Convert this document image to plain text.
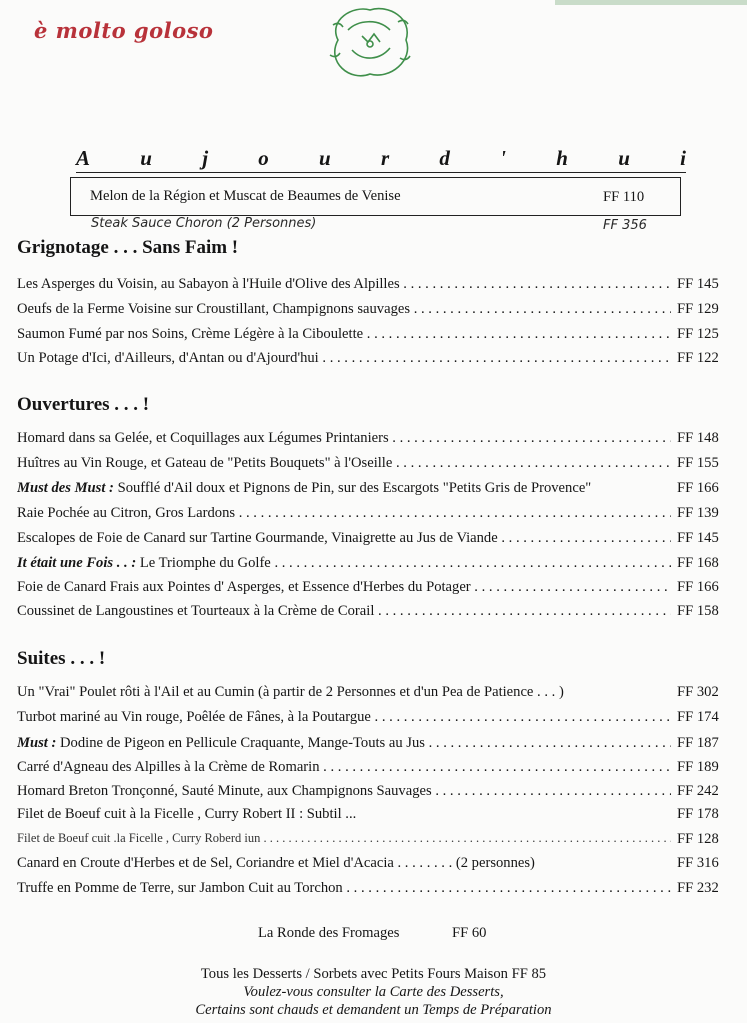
è molto goloso
A u j o u r d ' h u i
Melon de la Région et Muscat de Beaumes de Venise	FF 110
Steak Sauce Choron (2 Personnes)	FF 356
Grignotage . . . Sans Faim !
Les Asperges du Voisin, au Sabayon à l'Huile d'Olive des Alpilles . . .	FF 145
Oeufs de la Ferme Voisine sur Croustillant, Champignons sauvages . . .	FF 129
Saumon Fumé par nos Soins, Crème Légère à la Ciboulette . . .	FF 125
Un Potage d'Ici, d'Ailleurs, d'Antan ou d'Ajourd'hui . . .	FF 122
Ouvertures . . . !
Homard dans sa Gelée, et Coquillages aux Légumes Printaniers . . .	FF 148
Huîtres au Vin Rouge, et Gateau de "Petits Bouquets" à l'Oseille . . .	FF 155
Must des Must : Soufflé d'Ail doux et Pignons de Pin, sur des Escargots "Petits Gris de Provence"	FF 166
Raie Pochée au Citron, Gros Lardons . . .	FF 139
Escalopes de Foie de Canard sur Tartine Gourmande, Vinaigrette au Jus de Viande . . .	FF 145
It était une Fois . . : Le Triomphe du Golfe . . .	FF 168
Foie de Canard Frais aux Pointes d' Asperges, et Essence d'Herbes du Potager . . .	FF 166
Coussinet de Langoustines et Tourteaux à la Crème de Corail . . .	FF 158
Suites . . . !
Un "Vrai" Poulet rôti à l'Ail et au Cumin (à partir de 2 Personnes et d'un Pea de Patience . . . )	FF 302
Turbot mariné au Vin rouge, Poêlée de Fânes, à la Poutargue . . .	FF 174
Must : Dodine de Pigeon en Pellicule Craquante, Mange-Touts au Jus . . .	FF 187
Carré d'Agneau des Alpilles à la Crème de Romarin . . .	FF 189
Homard Breton Tronçonné, Sauté Minute, aux Champignons Sauvages . . .	FF 242
Filet de Boeuf cuit à la Ficelle , Curry Robert II : Subtil ...	FF 178
Filet de Boeuf cuit .la Ficelle , Curry Roberd iun . . .	FF 128
Canard en Croute d'Herbes et de Sel, Coriandre et Miel d'Acacia . . . . . . . . (2 personnes)	FF 316
Truffe en Pomme de Terre, sur Jambon Cuit au Torchon . . .	FF 232
La Ronde des Fromages	FF 60
Tous les Desserts / Sorbets avec Petits Fours Maison FF 85
Voulez-vous consulter la Carte des Desserts,
Certains sont chauds et demandent un Temps de Préparation
